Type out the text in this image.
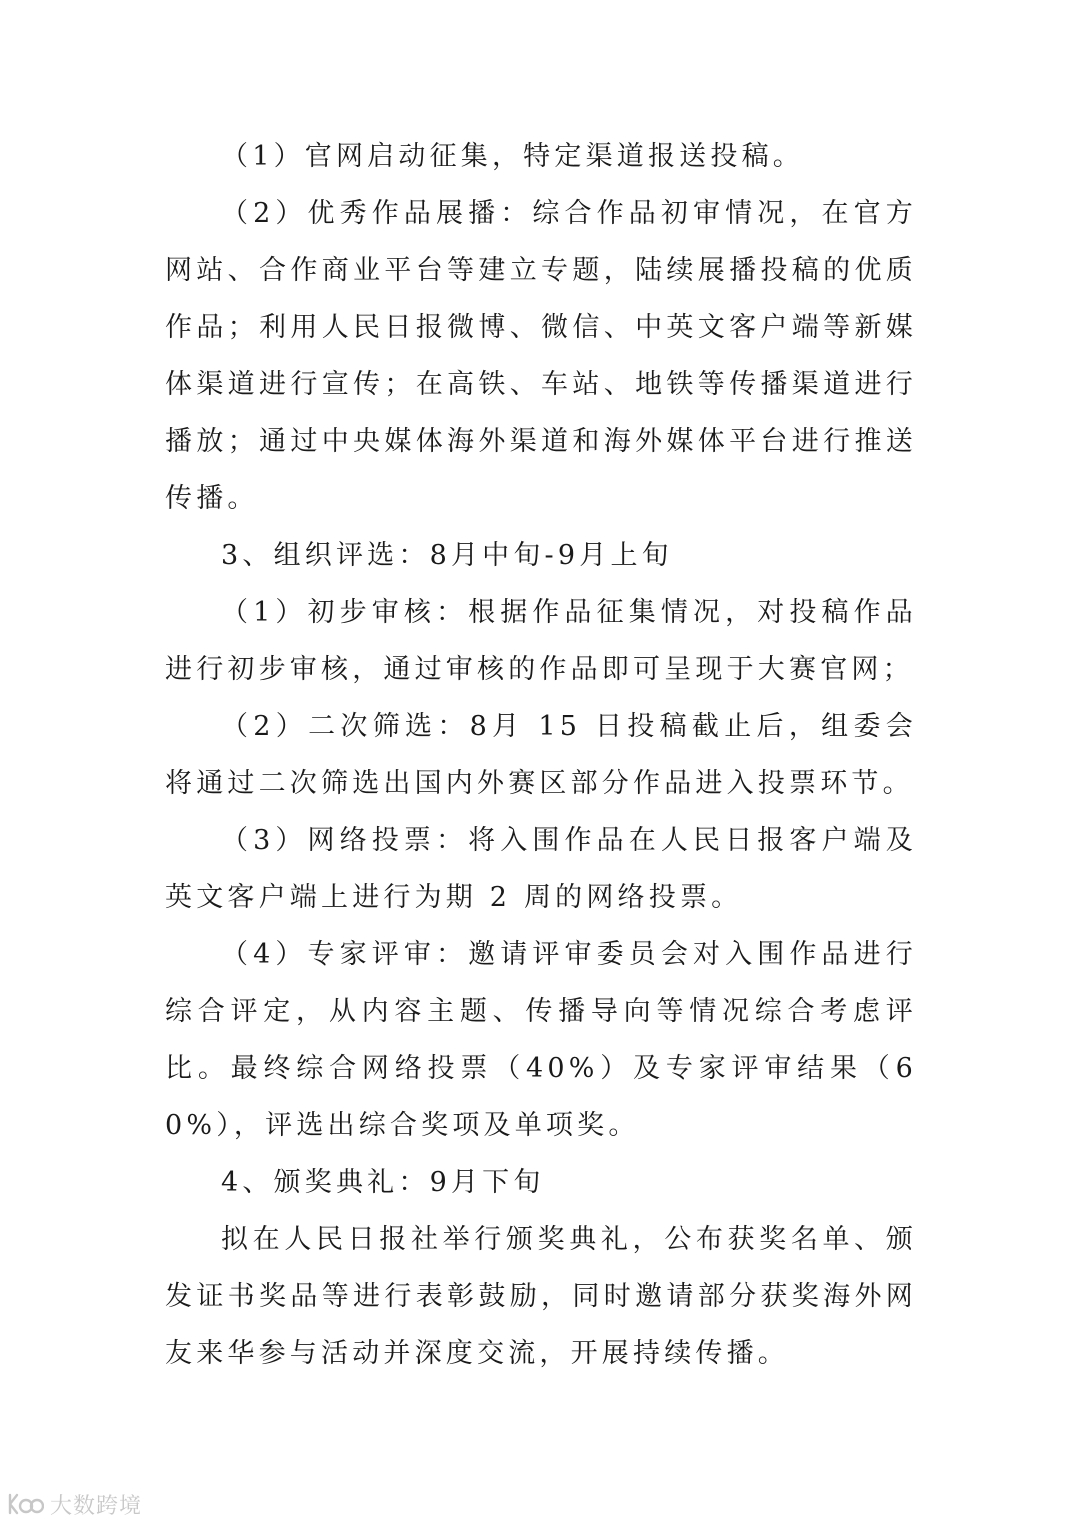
（1）官网启动征集，特定渠道报送投稿。

（2）优秀作品展播：综合作品初审情况，在官方网站、合作商业平台等建立专题，陆续展播投稿的优质作品；利用人民日报微博、微信、中英文客户端等新媒体渠道进行宣传；在高铁、车站、地铁等传播渠道进行播放；通过中央媒体海外渠道和海外媒体平台进行推送传播。

3、组织评选：8月中旬-9月上旬

（1）初步审核：根据作品征集情况，对投稿作品进行初步审核，通过审核的作品即可呈现于大赛官网；

（2）二次筛选：8月 15 日投稿截止后，组委会将通过二次筛选出国内外赛区部分作品进入投票环节。

（3）网络投票：将入围作品在人民日报客户端及英文客户端上进行为期 2 周的网络投票。

（4）专家评审：邀请评审委员会对入围作品进行综合评定，从内容主题、传播导向等情况综合考虑评比。最终综合网络投票（40%）及专家评审结果（60%），评选出综合奖项及单项奖。

4、颁奖典礼：9月下旬

拟在人民日报社举行颁奖典礼，公布获奖名单、颁发证书奖品等进行表彰鼓励，同时邀请部分获奖海外网友来华参与活动并深度交流，开展持续传播。

大数跨境
